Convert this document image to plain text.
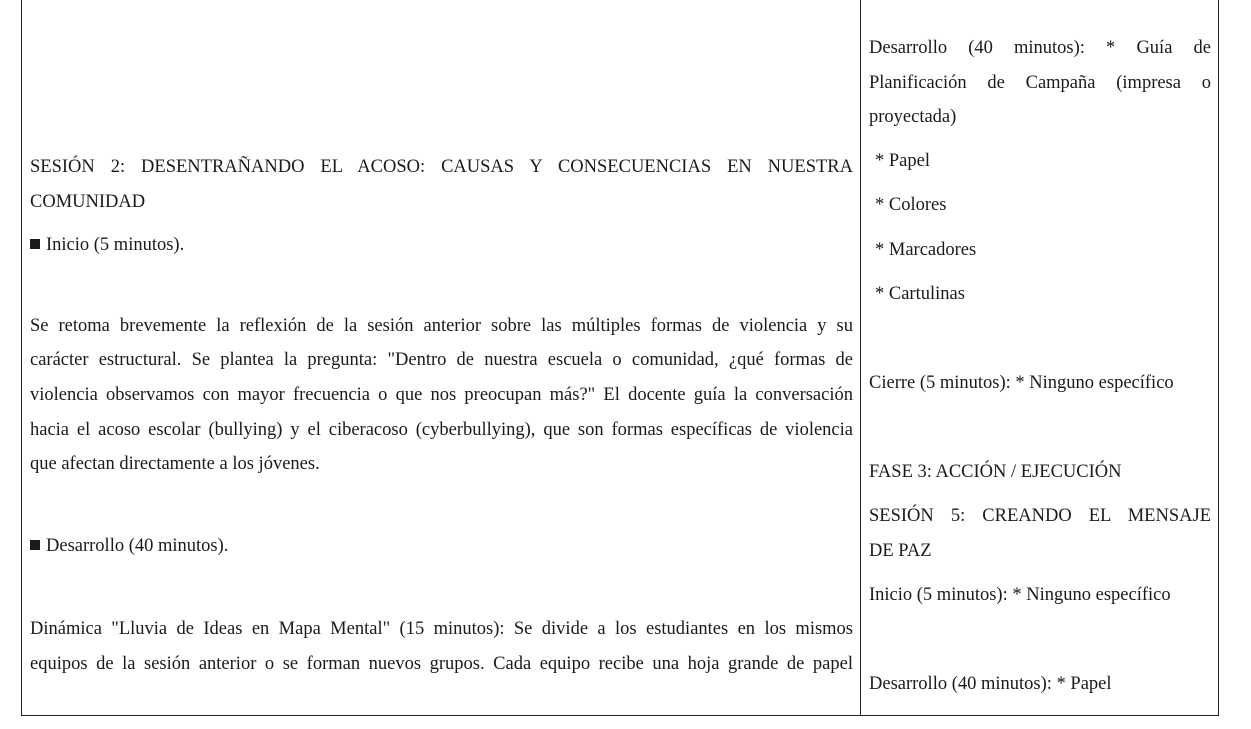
SESIÓN 2: DESENTRAÑANDO EL ACOSO: CAUSAS Y CONSECUENCIAS EN NUESTRA
COMUNIDAD
Inicio (5 minutos).
Se retoma brevemente la reflexión de la sesión anterior sobre las múltiples formas de violencia y su
carácter estructural. Se plantea la pregunta: "Dentro de nuestra escuela o comunidad, ¿qué formas de
violencia observamos con mayor frecuencia o que nos preocupan más?" El docente guía la conversación
hacia el acoso escolar (bullying) y el ciberacoso (cyberbullying), que son formas específicas de violencia
que afectan directamente a los jóvenes.
Desarrollo (40 minutos).
Dinámica "Lluvia de Ideas en Mapa Mental" (15 minutos): Se divide a los estudiantes en los mismos
equipos de la sesión anterior o se forman nuevos grupos. Cada equipo recibe una hoja grande de papel
Desarrollo (40 minutos): * Guía de
Planificación de Campaña (impresa o
proyectada)
* Papel
* Colores
* Marcadores
* Cartulinas
Cierre (5 minutos): * Ninguno específico
FASE 3: ACCIÓN / EJECUCIÓN
SESIÓN 5: CREANDO EL MENSAJE
DE PAZ
Inicio (5 minutos): * Ninguno específico
Desarrollo (40 minutos): * Papel
